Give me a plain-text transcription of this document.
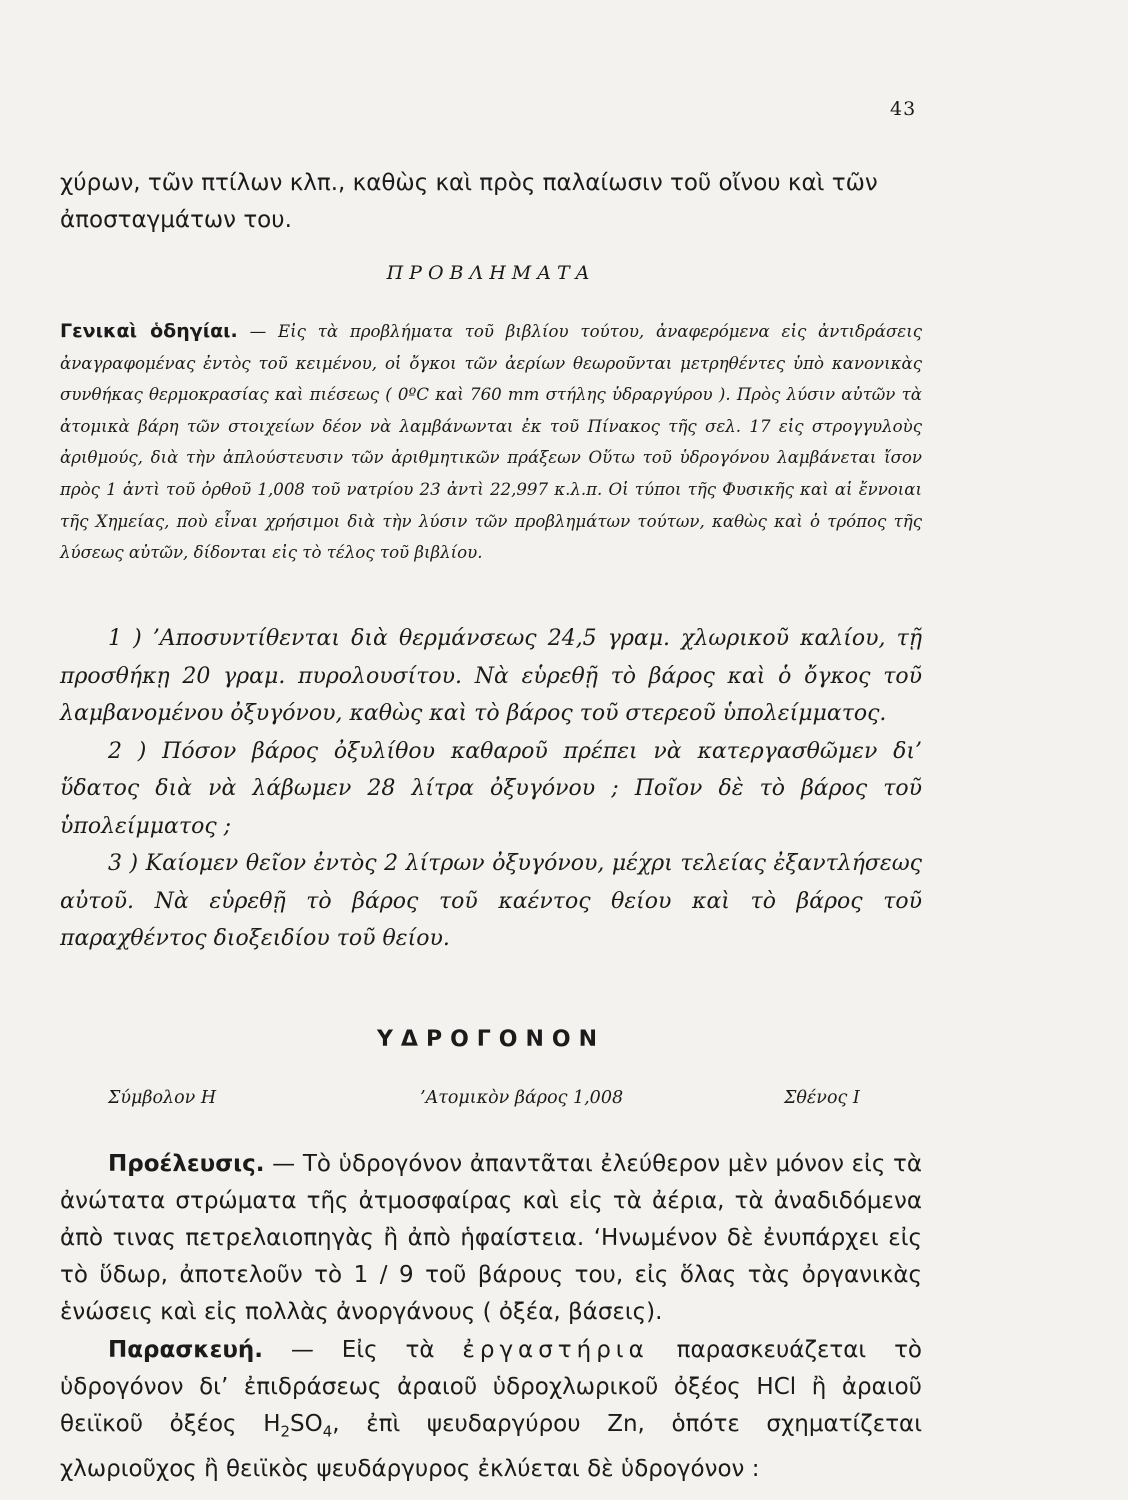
43
χύρων, τῶν πτίλων κλπ., καθὼς καὶ πρὸς παλαίωσιν τοῦ οἴνου καὶ τῶν
ἀποσταγμάτων του.
ΠΡΟΒΛΗΜΑΤΑ
Γενικαὶ ὁδηγίαι. — Εἰς τὰ προβλήματα τοῦ βιβλίου τούτου, ἀναφερόμενα εἰς ἀντιδράσεις ἀναγραφομένας ἐντὸς τοῦ κειμένου, οἱ ὄγκοι τῶν ἀερίων θεωροῦνται μετρηθέντες ὑπὸ κανονικὰς συνθήκας θερμοκρασίας καὶ πιέσεως ( 0ºC καὶ 760 mm στήλης ὑδραργύρου ). Πρὸς λύσιν αὐτῶν τὰ ἀτομικὰ βάρη τῶν στοιχείων δέον νὰ λαμβάνωνται ἐκ τοῦ Πίνακος τῆς σελ. 17 εἰς στρογγυλοὺς ἀριθμούς, διὰ τὴν ἁπλούστευσιν τῶν ἀριθμητικῶν πράξεων Οὕτω τοῦ ὑδρογόνου λαμβάνεται ἴσον πρὸς 1 ἀντὶ τοῦ ὀρθοῦ 1,008 τοῦ νατρίου 23 ἀντὶ 22,997 κ.λ.π. Οἱ τύποι τῆς Φυσικῆς καὶ αἱ ἔννοιαι τῆς Χημείας, ποὺ εἶναι χρήσιμοι διὰ τὴν λύσιν τῶν προβλημάτων τούτων, καθὼς καὶ ὁ τρόπος τῆς λύσεως αὐτῶν, δίδονται εἰς τὸ τέλος τοῦ βιβλίου.

1 ) ’Αποσυντίθενται διὰ θερμάνσεως 24,5 γραμ. χλωρικοῦ καλίου, τῇ προσθήκῃ 20 γραμ. πυρολουσίτου. Νὰ εὑρεθῇ τὸ βάρος καὶ ὁ ὄγκος τοῦ λαμβανομένου ὀξυγόνου, καθὼς καὶ τὸ βάρος τοῦ στερεοῦ ὑπολείμματος.

2 ) Πόσον βάρος ὀξυλίθου καθαροῦ πρέπει νὰ κατεργασθῶμεν δι’ ὕδατος διὰ νὰ λάβωμεν 28 λίτρα ὀξυγόνου ; Ποῖον δὲ τὸ βάρος τοῦ ὑπολείμματος ;

3 ) Καίομεν θεῖον ἐντὸς 2 λίτρων ὀξυγόνου, μέχρι τελείας ἐξαντλήσεως αὐτοῦ. Νὰ εὑρεθῇ τὸ βάρος τοῦ καέντος θείου καὶ τὸ βάρος τοῦ παραχθέντος διοξειδίου τοῦ θείου.

ΥΔΡΟΓΟΝΟΝ
Σύμβολον Η	’Ατομικὸν βάρος 1,008	Σθένος Ι
Προέλευσις. — Τὸ ὑδρογόνον ἀπαντᾶται ἐλεύθερον μὲν μόνον εἰς τὰ ἀνώτατα στρώματα τῆς ἀτμοσφαίρας καὶ εἰς τὰ ἀέρια, τὰ ἀναδιδόμενα ἀπὸ τινας πετρελαιοπηγὰς ἢ ἀπὸ ἡφαίστεια. ‘Ηνωμένον δὲ ἐνυπάρχει εἰς τὸ ὕδωρ, ἀποτελοῦν τὸ 1 / 9 τοῦ βάρους του, εἰς ὅλας τὰς ὀργανικὰς ἑνώσεις καὶ εἰς πολλὰς ἀνοργάνους ( ὀξέα, βάσεις).
Παρασκευή. — Εἰς τὰ ἐργαστήρια παρασκευάζεται τὸ ὑδρογόνον δι’ ἐπιδράσεως ἀραιοῦ ὑδροχλωρικοῦ ὀξέος HCl ἢ ἀραιοῦ θειϊκοῦ ὀξέος $H_2SO_4$, ἐπὶ ψευδαργύρου Zn, ὁπότε σχηματίζεται χλωριοῦχος ἢ θειϊκὸς ψευδάργυρος ἐκλύεται δὲ ὑδρογόνον :
